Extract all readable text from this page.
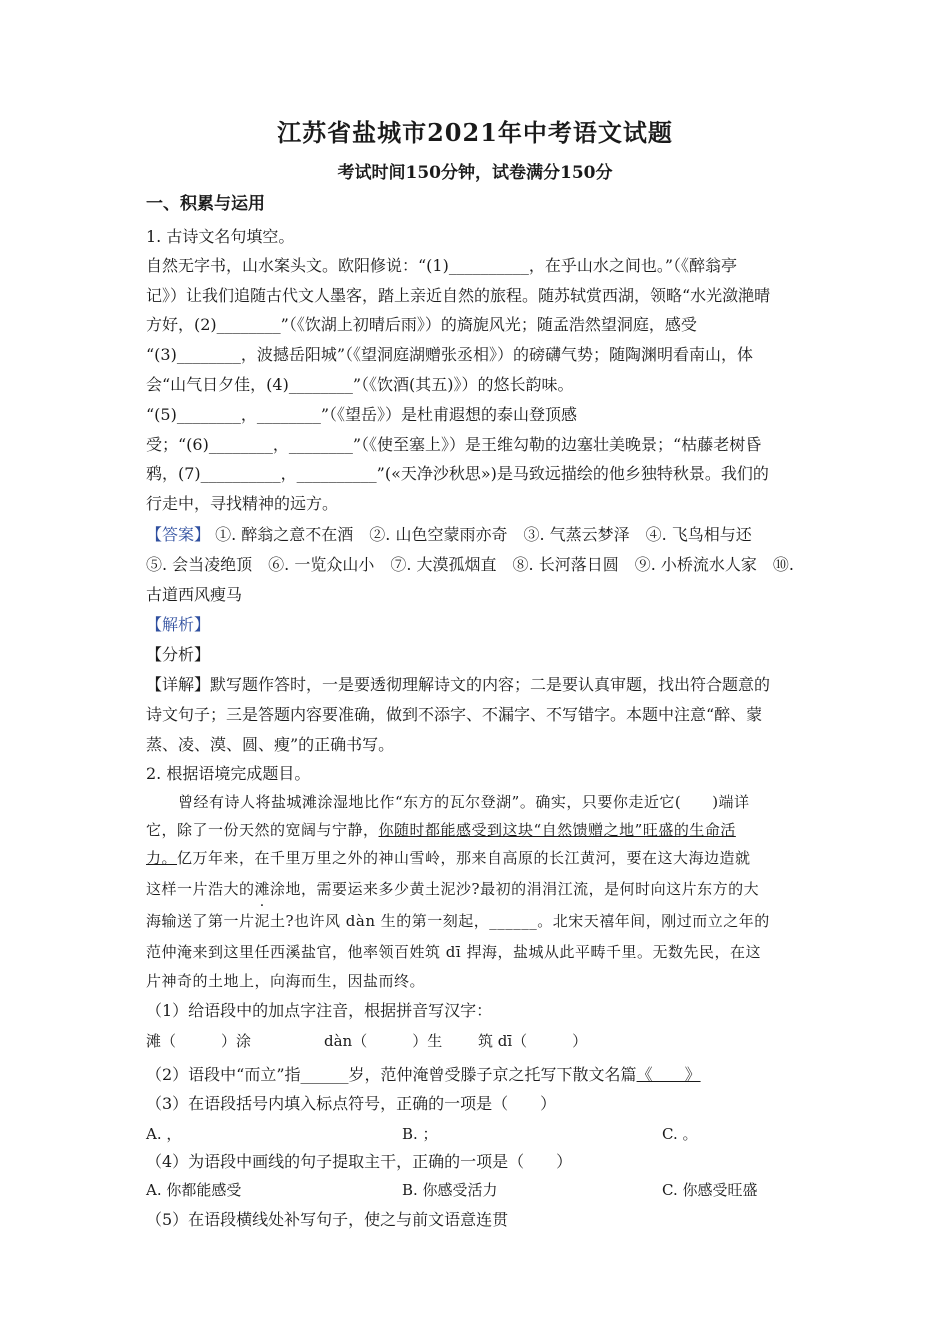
江苏省盐城市2021年中考语文试题
考试时间150分钟，试卷满分150分
一、积累与运用
1. 古诗文名句填空。
自然无字书，山水案头文。欧阳修说：“(1)__________，在乎山水之间也。”（《醉翁亭
记》）让我们追随古代文人墨客，踏上亲近自然的旅程。随苏轼赏西湖，领略“水光潋滟晴
方好，(2)________”（《饮湖上初晴后雨》）的旖旎风光；随孟浩然望洞庭，感受
“(3)________，波撼岳阳城”（《望洞庭湖赠张丞相》）的磅礴气势；随陶渊明看南山，体
会“山气日夕佳，(4)________”（《饮酒(其五)》）的悠长韵味。
“(5)________，________”（《望岳》）是杜甫遐想的泰山登顶感
受；“(6)________，________”（《使至塞上》）是王维勾勒的边塞壮美晚景；“枯藤老树昏
鸦，(7)__________，__________”(«天净沙秋思»)是马致远描绘的他乡独特秋景。我们的
行走中，寻找精神的远方。
【答案】 ①. 醉翁之意不在酒　②. 山色空蒙雨亦奇　③. 气蒸云梦泽　④. 飞鸟相与还
⑤. 会当凌绝顶　⑥. 一览众山小　⑦. 大漠孤烟直　⑧. 长河落日圆　⑨. 小桥流水人家　⑩.
古道西风瘦马
【解析】
【分析】
【详解】默写题作答时，一是要透彻理解诗文的内容；二是要认真审题，找出符合题意的
诗文句子；三是答题内容要准确，做到不添字、不漏字、不写错字。本题中注意“醉、蒙
蒸、凌、漠、圆、瘦”的正确书写。
2. 根据语境完成题目。
曾经有诗人将盐城滩涂湿地比作“东方的瓦尔登湖”。确实，只要你走近它(　　)端详
它，除了一份天然的宽阔与宁静，你随时都能感受到这块“自然馈赠之地”旺盛的生命活
力。亿万年来，在千里万里之外的神山雪岭，那来自高原的长江黄河，要在这大海边造就
这样一片浩大的滩涂地，需要运来多少黄土泥沙?最初的涓涓江流，是何时向这片东方的大
海输送了第一片泥土?也许风 dàn 生的第一刻起，______。北宋天禧年间，刚过而立之年的
范仲淹来到这里任西溪盐官，他率领百姓筑 dī 捍海，盐城从此平畴千里。无数先民，在这
片神奇的土地上，向海而生，因盐而终。
（1）给语段中的加点字注音，根据拼音写汉字：
滩（　　　）涂	dàn（　　　）生 筑 dī（　　　）
（2）语段中“而立”指______岁，范仲淹曾受滕子京之托写下散文名篇《　　》
（3）在语段括号内填入标点符号，正确的一项是（　　）
A. ，	B. ；	C. 。
（4）为语段中画线的句子提取主干，正确的一项是（　　）
A. 你都能感受	B. 你感受活力	C. 你感受旺盛
（5）在语段横线处补写句子，使之与前文语意连贯
